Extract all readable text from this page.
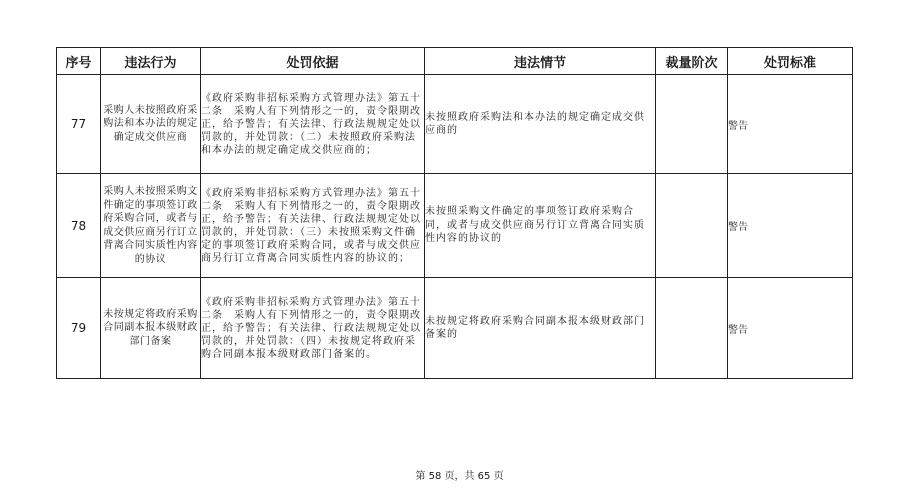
序号	违法行为	处罚依据	违法情节	裁量阶次	处罚标准
77	采购人未按照政府采购法和本办法的规定确定成交供应商	《政府采购非招标采购方式管理办法》第五十二条　采购人有下列情形之一的，责令限期改正，给予警告；有关法律、行政法规规定处以罚款的，并处罚款：（二）未按照政府采购法和本办法的规定确定成交供应商的；	未按照政府采购法和本办法的规定确定成交供应商的		警告
78	采购人未按照采购文件确定的事项签订政府采购合同，或者与成交供应商另行订立背离合同实质性内容的协议	《政府采购非招标采购方式管理办法》第五十二条　采购人有下列情形之一的，责令限期改正，给予警告；有关法律、行政法规规定处以罚款的，并处罚款：（三）未按照采购文件确定的事项签订政府采购合同，或者与成交供应商另行订立背离合同实质性内容的协议的；	未按照采购文件确定的事项签订政府采购合同，或者与成交供应商另行订立背离合同实质性内容的协议的		警告
79	未按规定将政府采购合同副本报本级财政部门备案	《政府采购非招标采购方式管理办法》第五十二条　采购人有下列情形之一的，责令限期改正，给予警告；有关法律、行政法规规定处以罚款的，并处罚款：（四）未按规定将政府采购合同副本报本级财政部门备案的。	未按规定将政府采购合同副本报本级财政部门备案的		警告
第 58 页，共 65 页
